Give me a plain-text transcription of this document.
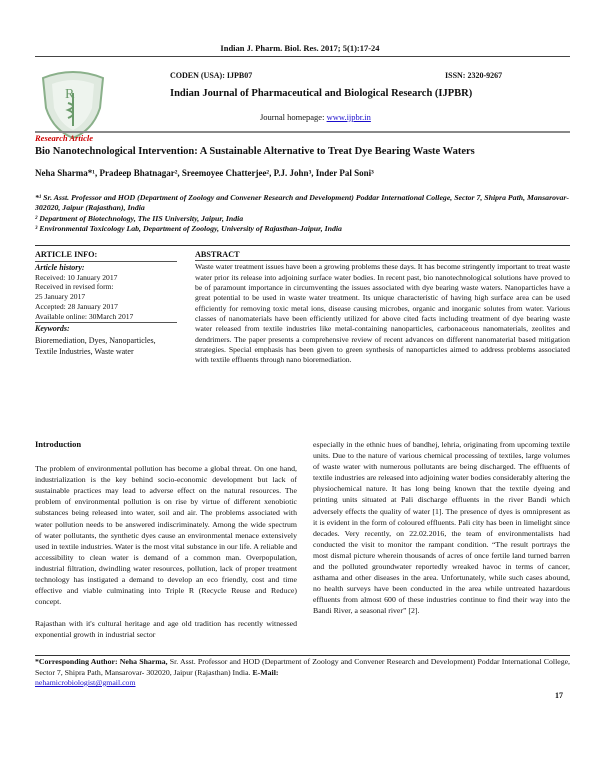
Indian J. Pharm. Biol. Res. 2017; 5(1):17-24
R
CODEN (USA): IJPB07	ISSN: 2320-9267
Indian Journal of Pharmaceutical and Biological Research (IJPBR)
Journal homepage: www.ijpbr.in
Research Article
Bio Nanotechnological Intervention: A Sustainable Alternative to Treat Dye Bearing Waste Waters
Neha Sharma*¹, Pradeep Bhatnagar², Sreemoyee Chatterjee², P.J. John³, Inder Pal Soni³
*¹ Sr. Asst. Professor and HOD (Department of Zoology and Convener Research and Development) Poddar International College, Sector 7, Shipra Path, Mansarovar- 302020, Jaipur (Rajasthan), India
² Department of Biotechnology, The IIS University, Jaipur, India
³ Environmental Toxicology Lab, Department of Zoology, University of Rajasthan-Jaipur, India
ARTICLE INFO:
Article history:
Received: 10 January 2017
Received in revised form:
25 January 2017
Accepted: 28 January 2017
Available online: 30March 2017
Keywords:
Bioremediation, Dyes, Nanoparticles, Textile Industries, Waste water
ABSTRACT
Waste water treatment issues have been a growing problems these days. It has become stringently important to treat waste water prior its release into adjoining surface water bodies. In recent past, bio nanotechnological solutions have proved to be of paramount importance in circumventing the issues associated with dye bearing waste waters. Nanoparticles have a great potential to be used in waste water treatment. Its unique characteristic of having high surface area can be used efficiently for removing toxic metal ions, disease causing microbes, organic and inorganic solutes from water. Various classes of nanomaterials have been efficiently utilized for above cited facts including treatment of dye bearing waste water released from textile industries like metal-containing nanoparticles, carbonaceous nanomaterials, zeolites and dendrimers. The paper presents a comprehensive review of recent advances on different nanomaterial based mitigation strategies. Special emphasis has been given to green synthesis of nanoparticles aimed to address problems associated with textile effluents through nano bioremediation.
Introduction

The problem of environmental pollution has become a global threat. On one hand, industrialization is the key behind socio-economic development but lack of sustainable practices may lead to adverse effect on the natural resources. The problem of environmental pollution is on rise by virtue of different xenobiotic substances being released into water, soil and air. The problems associated with water pollution needs to be answered indiscriminately. Among the wide spectrum of water pollutants, the synthetic dyes cause an environmental menace extensively used in textile industries. Water is the most vital substance in our life. A reliable and accessibility to clean water is demand of a common man. Overpopulation, industrial filtration, dwindling water resources, pollution, lack of proper treatment technology has instigated a demand to develop an eco friendly, cost and time effective and viable culminating into Triple R (Recycle Reuse and Reduce) concept.

Rajasthan with it's cultural heritage and age old tradition has recently witnessed exponential growth in industrial sector

especially in the ethnic hues of bandhej, lehria, originating from upcoming textile units. Due to the nature of various chemical processing of textiles, large volumes of waste water with numerous pollutants are being discharged. The effluents of textile industries are released into adjoining water bodies considerably altering the physiochemical nature. It has long being known that the textile dyeing and printing units situated at Pali discharge effluents in the river Bandi which adversely effects the quality of water [1]. The presence of dyes is omnipresent as it is evident in the form of coloured effluents. Pali city has been in limelight since decades. Very recently, on 22.02.2016, the team of environmentalists had conducted the visit to monitor the rampant condition. “The result portrays the most dismal picture wherein thousands of acres of once fertile land turned barren and the polluted groundwater reportedly wreaked havoc in terms of cancer, asthama and other diseases in the area. Unfortunately, while such cases abound, no health surveys have been conducted in the area while untreated hazardous effluents from almost 600 of these industries continue to find their way into the Bandi River, a seasonal river” [2].

*Corresponding Author: Neha Sharma, Sr. Asst. Professor and HOD (Department of Zoology and Convener Research and Development) Poddar International College, Sector 7, Shipra Path, Mansarovar- 302020, Jaipur (Rajasthan) India. E-Mail:
nehamicrobiologist@gmail.com
17
